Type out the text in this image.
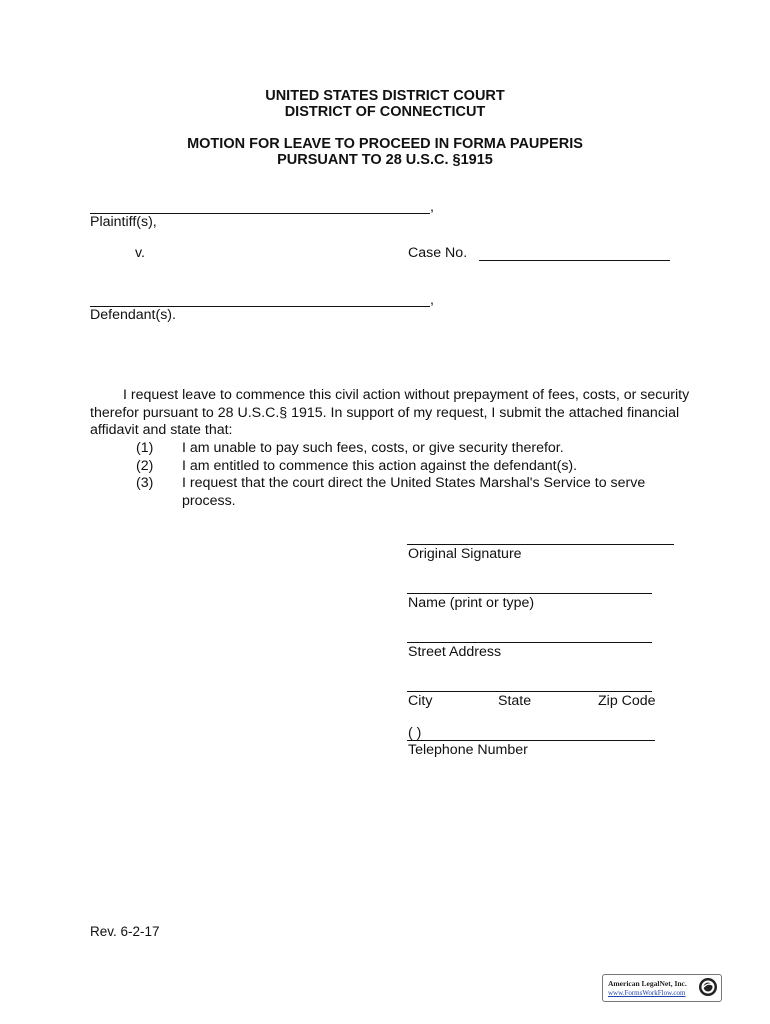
UNITED STATES DISTRICT COURT
DISTRICT OF CONNECTICUT
MOTION FOR LEAVE TO PROCEED IN FORMA PAUPERIS
PURSUANT TO 28 U.S.C. §1915
,
Plaintiff(s),
v.	Case No.
,
Defendant(s).
I request leave to commence this civil action without prepayment of fees, costs, or security therefor pursuant to 28 U.S.C.§ 1915. In support of my request, I submit the attached financial affidavit and state that:
(1) I am unable to pay such fees, costs, or give security therefor.
(2) I am entitled to commence this action against the defendant(s).
(3) I request that the court direct the United States Marshal's Service to serve
process.
Original Signature
Name (print or type)
Street Address
City	State	Zip Code
( )
Telephone Number
Rev. 6-2-17
American LegalNet, Inc.
www.FormsWorkFlow.com
